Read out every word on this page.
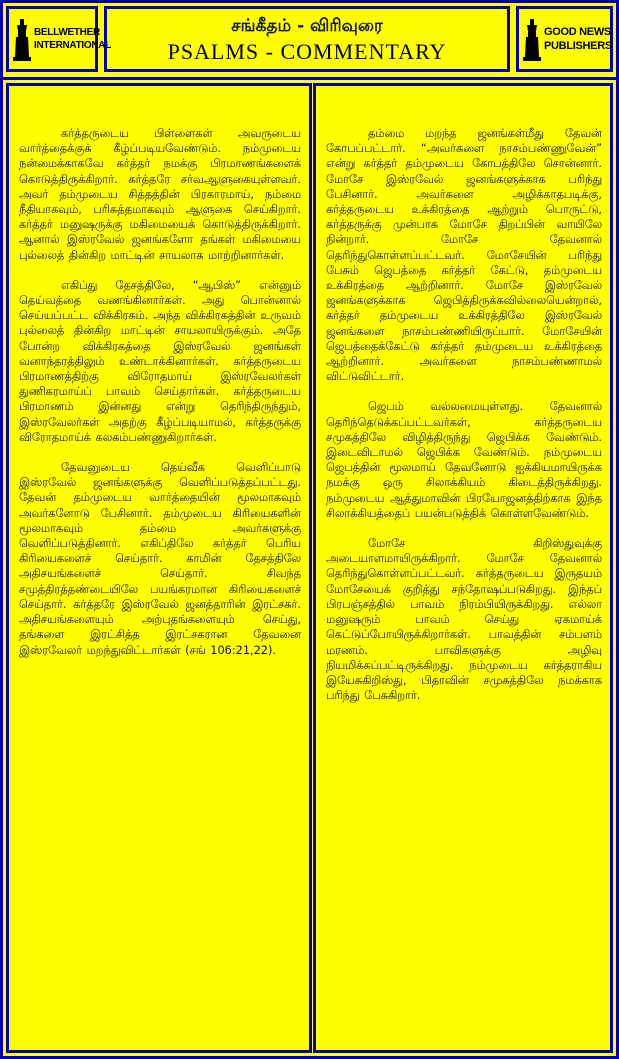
BELLWETHER
INTERNATIONAL
சங்கீதம் - விரிவுரை
PSALMS - COMMENTARY
GOOD NEWS
PUBLISHERS

கர்த்தருடைய பிள்ளைகள் அவருடைய வார்த்தைக்குக் கீழ்ப்படியவேண்டும். நம்முடைய நன்மைக்காகவே கர்த்தர் நமக்கு பிரமாணங்களைக் கொடுத்திருக்கிறார். கர்த்தரே சர்வஆளுகையுள்ளவர். அவர் தம்முடைய சித்தத்தின் பிரகாரமாய், நம்மை நீதியாகவும், பரிசுத்தமாகவும் ஆளுகை செய்கிறார். கர்த்தர் மனுஷருக்கு மகிமையைக் கொடுத்திருக்கிறார். ஆனால் இஸ்ரவேல் ஜனங்களோ தங்கள் மகிமையை புல்லைத் தின்கிற மாட்டின் சாயலாக மாற்றினார்கள்.

எகிப்து தேசத்திலே, “ஆபிஸ்” என்னும் தெய்வத்தை வணங்கினார்கள். அது பொன்னால் செய்யப்பட்ட விக்கிரகம். அந்த விக்கிரகத்தின் உருவம் புல்லைத் தின்கிற மாட்டின் சாயலாயிருக்கும். அதே போன்ற விக்கிரகத்தை இஸ்ரவேல் ஜனங்கள் வனாந்தரத்திலும் உண்டாக்கினார்கள். கர்த்தருடைய பிரமாணத்திற்கு விரோதமாய் இஸ்ரவேலர்கள் துணிகரமாய்ப் பாவம் செய்தார்கள். கர்த்தருடைய பிரமாணம் இன்னது என்று தெரிந்திருந்தும், இஸ்ரவேலர்கள் அதற்கு கீழ்ப்படியாமல், கர்த்தருக்கு விரோதமாய்க் கலகம்பண்ணுகிறார்கள்.

தேவனுடைய தெய்வீக வெளிப்பாடு இஸ்ரவேல் ஜனங்களுக்கு வெளிப்படுத்தப்பட்டது. தேவன் தம்முடைய வார்த்தையின் மூலமாகவும் அவர்களோடு பேசினார். தம்முடைய கிரியைகளின் மூலமாகவும் தம்மை அவர்களுக்கு வெளிப்படுத்தினார். எகிப்திலே கர்த்தர் பெரிய கிரியைகளைச் செய்தார். காமின் தேசத்திலே அதிசயங்களைச் செய்தார். சிவந்த சமுத்திரத்தண்டையிலே பயங்கரமான கிரியைகளைச் செய்தார். கர்த்தரே இஸ்ரவேல் ஜனத்தாரின் இரட்சகர். அதிசயங்களையும் அற்புதங்களையும் செய்து, தங்களை இரட்சித்த இரட்சகரான தேவனை இஸ்ரவேலர் மறந்துவிட்டார்கள் (சங் 106:21,22).

தம்மை மறந்த ஜனங்கள்மீது தேவன் கோபப்பட்டார். “அவர்களை நாசம்பண்ணுவேன்” என்று கர்த்தர் தம்முடைய கோபத்திலே சொன்னார். மோசே இஸ்ரவேல் ஜனங்களுக்காக பரிந்து பேசினார். அவர்களை அழிக்காதபடிக்கு, கர்த்தருடைய உக்கிரத்தை ஆற்றும் பொருட்டு, கர்த்தருக்கு முன்பாக மோசே திறப்பின் வாயிலே நின்றார். மோசே தேவனால் தெரிந்துகொள்ளப்பட்டவர். மோசேயின் பரிந்து பேசும் ஜெபத்தை கர்த்தர் கேட்டு, தம்முடைய உக்கிரத்தை ஆற்றினார். மோசே இஸ்ரவேல் ஜனங்களுக்காக ஜெபித்திருக்கவில்லையென்றால், கர்த்தர் தம்முடைய உக்கிரத்திலே இஸ்ரவேல் ஜனங்களை நாசம்பண்ணியிருப்பார். மோசேயின் ஜெபத்தைக்கேட்டு கர்த்தர் தம்முடைய உக்கிரத்தை ஆற்றினார். அவர்களை நாசம்பண்ணாமல் விட்டுவிட்டார்.

ஜெபம் வல்லமையுள்ளது. தேவனால் தெரிந்தெடுக்கப்பட்டவர்கள், கர்த்தருடைய சமுகத்திலே விழித்திருந்து ஜெபிக்க வேண்டும். இடைவிடாமல் ஜெபிக்க வேண்டும். நம்முடைய ஜெபத்தின் மூலமாய் தேவனோடு ஐக்கியமாயிருக்க நமக்கு ஒரு சிலாக்கியம் கிடைத்திருக்கிறது. நம்முடைய ஆத்துமாவின் பிரயோஜனத்திற்காக இந்த சிலாக்கியத்தைப் பயன்படுத்திக் கொள்ளவேண்டும்.

மோசே கிறிஸ்துவுக்கு அடையாளமாயிருக்கிறார். மோசே தேவனால் தெரிந்துகொள்ளப்பட்டவர். கர்த்தருடைய இருதயம் மோசேயைக் குறித்து சந்தோஷப்படுகிறது. இந்தப் பிரபஞ்சத்தில் பாவம் நிரம்பியிருக்கிறது. எல்லா மனுஷரும் பாவம் செய்து ஏகமாய்க் கெட்டுப்போயிருக்கிறார்கள். பாவத்தின் சம்பளம் மரணம். பாவிகளுக்கு அழிவு நியமிக்கப்பட்டிருக்கிறது. நம்முடைய கர்த்தராகிய இயேசுகிறிஸ்து, பிதாவின் சமுகத்திலே நமக்காக பரிந்து பேசுகிறார்.
